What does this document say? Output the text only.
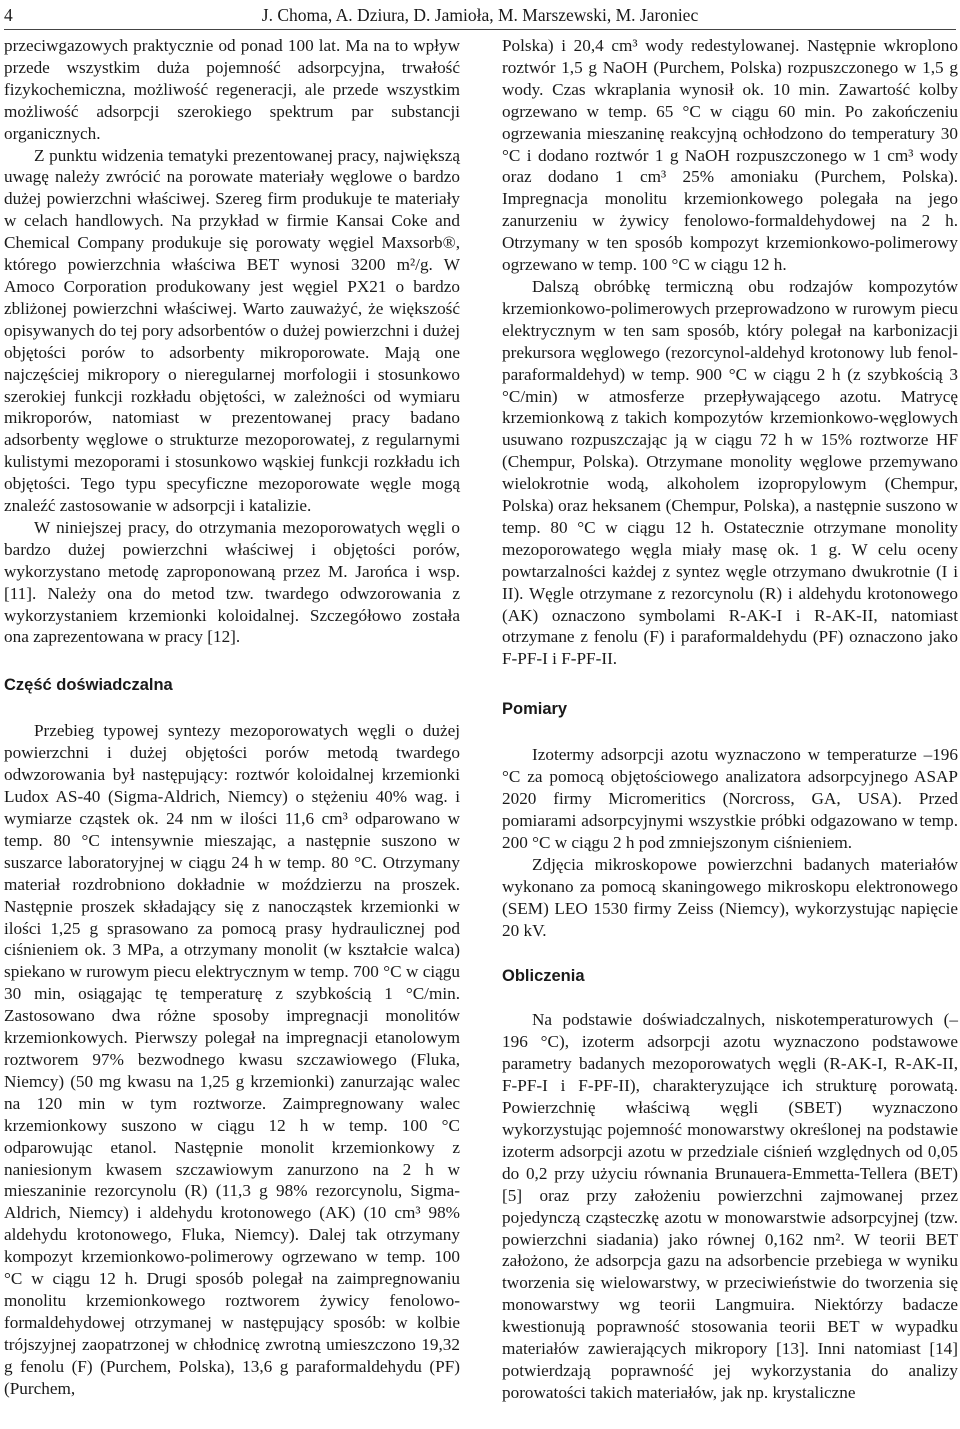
4	J. Choma, A. Dziura, D. Jamioła, M. Marszewski, M. Jaroniec

przeciwgazowych praktycznie od ponad 100 lat. Ma na to wpływ przede wszystkim duża pojemność adsorpcyjna, trwałość fizykochemiczna, możliwość regeneracji, ale przede wszystkim możliwość adsorpcji szerokiego spektrum par substancji organicznych.

Z punktu widzenia tematyki prezentowanej pracy, największą uwagę należy zwrócić na porowate materiały węglowe o bardzo dużej powierzchni właściwej. Szereg firm produkuje te materiały w celach handlowych. Na przykład w firmie Kansai Coke and Chemical Company produkuje się porowaty węgiel Maxsorb®, którego powierzchnia właściwa BET wynosi 3200 m²/g. W Amoco Corporation produkowany jest węgiel PX21 o bardzo zbliżonej powierzchni właściwej. Warto zauważyć, że większość opisywanych do tej pory adsorbentów o dużej powierzchni i dużej objętości porów to adsorbenty mikroporowate. Mają one najczęściej mikropory o nieregularnej morfologii i stosunkowo szerokiej funkcji rozkładu objętości, w zależności od wymiaru mikroporów, natomiast w prezentowanej pracy badano adsorbenty węglowe o strukturze mezoporowatej, z regularnymi kulistymi mezoporami i stosunkowo wąskiej funkcji rozkładu ich objętości. Tego typu specyficzne mezoporowate węgle mogą znaleźć zastosowanie w adsorpcji i katalizie.

W niniejszej pracy, do otrzymania mezoporowatych węgli o bardzo dużej powierzchni właściwej i objętości porów, wykorzystano metodę zaproponowaną przez M. Jarońca i wsp. [11]. Należy ona do metod tzw. twardego odwzorowania z wykorzystaniem krzemionki koloidalnej. Szczegółowo została ona zaprezentowana w pracy [12].

Część doświadczalna

Przebieg typowej syntezy mezoporowatych węgli o dużej powierzchni i dużej objętości porów metodą twardego odwzorowania był następujący: roztwór koloidalnej krzemionki Ludox AS-40 (Sigma-Aldrich, Niemcy) o stężeniu 40% wag. i wymiarze cząstek ok. 24 nm w ilości 11,6 cm³ odparowano w temp. 80 °C intensywnie mieszając, a następnie suszono w suszarce laboratoryjnej w ciągu 24 h w temp. 80 °C. Otrzymany materiał rozdrobniono dokładnie w moździerzu na proszek. Następnie proszek składający się z nanocząstek krzemionki w ilości 1,25 g sprasowano za pomocą prasy hydraulicznej pod ciśnieniem ok. 3 MPa, a otrzymany monolit (w kształcie walca) spiekano w rurowym piecu elektrycznym w temp. 700 °C w ciągu 30 min, osiągając tę temperaturę z szybkością 1 °C/min. Zastosowano dwa różne sposoby impregnacji monolitów krzemionkowych. Pierwszy polegał na impregnacji etanolowym roztworem 97% bezwodnego kwasu szczawiowego (Fluka, Niemcy) (50 mg kwasu na 1,25 g krzemionki) zanurzając walec na 120 min w tym roztworze. Zaimpregnowany walec krzemionkowy suszono w ciągu 12 h w temp. 100 °C odparowując etanol. Następnie monolit krzemionkowy z naniesionym kwasem szczawiowym zanurzono na 2 h w mieszaninie rezorcynolu (R) (11,3 g 98% rezorcynolu, Sigma-Aldrich, Niemcy) i aldehydu krotonowego (AK) (10 cm³ 98% aldehydu krotonowego, Fluka, Niemcy). Dalej tak otrzymany kompozyt krzemionkowo-polimerowy ogrzewano w temp. 100 °C w ciągu 12 h. Drugi sposób polegał na zaimpregnowaniu monolitu krzemionkowego roztworem żywicy fenolowo-formaldehydowej otrzymanej w następujący sposób: w kolbie trójszyjnej zaopatrzonej w chłodnicę zwrotną umieszczono 19,32 g fenolu (F) (Purchem, Polska), 13,6 g paraformaldehydu (PF) (Purchem,

Polska) i 20,4 cm³ wody redestylowanej. Następnie wkroplono roztwór 1,5 g NaOH (Purchem, Polska) rozpuszczonego w 1,5 g wody. Czas wkraplania wynosił ok. 10 min. Zawartość kolby ogrzewano w temp. 65 °C w ciągu 60 min. Po zakończeniu ogrzewania mieszaninę reakcyjną ochłodzono do temperatury 30 °C i dodano roztwór 1 g NaOH rozpuszczonego w 1 cm³ wody oraz dodano 1 cm³ 25% amoniaku (Purchem, Polska). Impregnacja monolitu krzemionkowego polegała na jego zanurzeniu w żywicy fenolowo-formaldehydowej na 2 h. Otrzymany w ten sposób kompozyt krzemionkowo-polimerowy ogrzewano w temp. 100 °C w ciągu 12 h.

Dalszą obróbkę termiczną obu rodzajów kompozytów krzemionkowo-polimerowych przeprowadzono w rurowym piecu elektrycznym w ten sam sposób, który polegał na karbonizacji prekursora węglowego (rezorcynol-aldehyd krotonowy lub fenol-paraformaldehyd) w temp. 900 °C w ciągu 2 h (z szybkością 3 °C/min) w atmosferze przepływającego azotu. Matrycę krzemionkową z takich kompozytów krzemionkowo-węglowych usuwano rozpuszczając ją w ciągu 72 h w 15% roztworze HF (Chempur, Polska). Otrzymane monolity węglowe przemywano wielokrotnie wodą, alkoholem izopropylowym (Chempur, Polska) oraz heksanem (Chempur, Polska), a następnie suszono w temp. 80 °C w ciągu 12 h. Ostatecznie otrzymane monolity mezoporowatego węgla miały masę ok. 1 g. W celu oceny powtarzalności każdej z syntez węgle otrzymano dwukrotnie (I i II). Węgle otrzymane z rezorcynolu (R) i aldehydu krotonowego (AK) oznaczono symbolami R-AK-I i R-AK-II, natomiast otrzymane z fenolu (F) i paraformaldehydu (PF) oznaczono jako F-PF-I i F-PF-II.

Pomiary

Izotermy adsorpcji azotu wyznaczono w temperaturze –196 °C za pomocą objętościowego analizatora adsorpcyjnego ASAP 2020 firmy Micromeritics (Norcross, GA, USA). Przed pomiarami adsorpcyjnymi wszystkie próbki odgazowano w temp. 200 °C w ciągu 2 h pod zmniejszonym ciśnieniem.

Zdjęcia mikroskopowe powierzchni badanych materiałów wykonano za pomocą skaningowego mikroskopu elektronowego (SEM) LEO 1530 firmy Zeiss (Niemcy), wykorzystując napięcie 20 kV.

Obliczenia

Na podstawie doświadczalnych, niskotemperaturowych (–196 °C), izoterm adsorpcji azotu wyznaczono podstawowe parametry badanych mezoporowatych węgli (R-AK-I, R-AK-II, F-PF-I i F-PF-II), charakteryzujące ich strukturę porowatą. Powierzchnię właściwą węgli (SBET) wyznaczono wykorzystując pojemność monowarstwy określonej na podstawie izoterm adsorpcji azotu w przedziale ciśnień względnych od 0,05 do 0,2 przy użyciu równania Brunauera-Emmetta-Tellera (BET) [5] oraz przy założeniu powierzchni zajmowanej przez pojedynczą cząsteczkę azotu w monowarstwie adsorpcyjnej (tzw. powierzchni siadania) jako równej 0,162 nm². W teorii BET założono, że adsorpcja gazu na adsorbencie przebiega w wyniku tworzenia się wielowarstwy, w przeciwieństwie do tworzenia się monowarstwy wg teorii Langmuira. Niektórzy badacze kwestionują poprawność stosowania teorii BET w wypadku materiałów zawierających mikropory [13]. Inni natomiast [14] potwierdzają poprawność jej wykorzystania do analizy porowatości takich materiałów, jak np. krystaliczne
